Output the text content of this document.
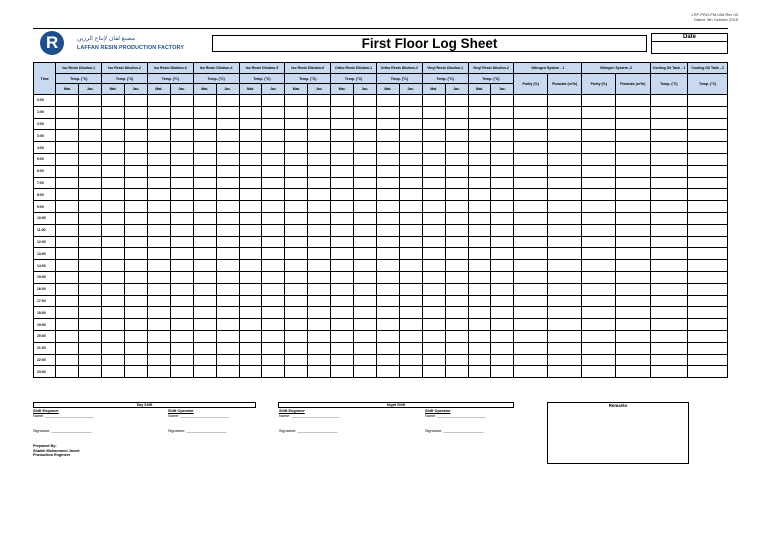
LRF-PRO-FM-006 Rev 00
Dated: 5th October 2015
R	مصنع لفان لإنتاج الرزين
LAFFAN RESIN PRODUCTION FACTORY	First Floor Log Sheet	Date
Time	Iso Resin Dilution-1		Iso Resin Dilution-2		Iso Resin Dilution-3		Iso Resin Dilution-4		Iso Resin Dilution-5		Iso Resin Dilution-6		Ortho Resin Dilution-1		Ortho Resin Dilution-2		Vinyl Resin Dilution-1		Vinyl Resin Dilution-2		Nitrogen System - 1		Nitrogen System -2		Cooling Oil Tank - 1	Cooling Oil Tank - 2
	Temp. (°C)		Temp. (°C)		Temp. (°C)		Temp. (°C)		Temp. (°C)		Temp. (°C)		Temp. (°C)		Temp. (°C)		Temp. (°C)		Temp. (°C)		Purity (%)	Flowrate (m³/h)	Purity (%)	Flowrate (m³/h)	Temp. (°C)	Temp. (°C)
	Mat.	Jac.	Mat.	Jac.	Mat.	Jac.	Mat.	Jac.	Mat.	Jac.	Mat.	Jac.	Mat.	Jac.	Mat.	Jac.	Mat.	Jac.	Mat.	Jac.						
0:00																										
1:00																										
2:00																										
3:00																										
4:00																										
5:00																										
6:00																										
7:00																										
8:00																										
9:00																										
10:00																										
11:00																										
12:00																										
13:00																										
14:00																										
15:00																										
16:00																										
17:00																										
18:00																										
19:00																										
20:00																										
21:00																										
22:00																										
23:00																										
Day Shift	Night Shift
Shift Engineer
Name: _______________________
Shift Operator
Name: _______________________
Signature: ___________________	Signature: ___________________
Shift Engineer
Name: _______________________
Shift Operator
Name: _______________________
Signature: ___________________	Signature: ___________________
Prepared By:
Shaikh Mohammed Javed
Production Engineer
Remarks
